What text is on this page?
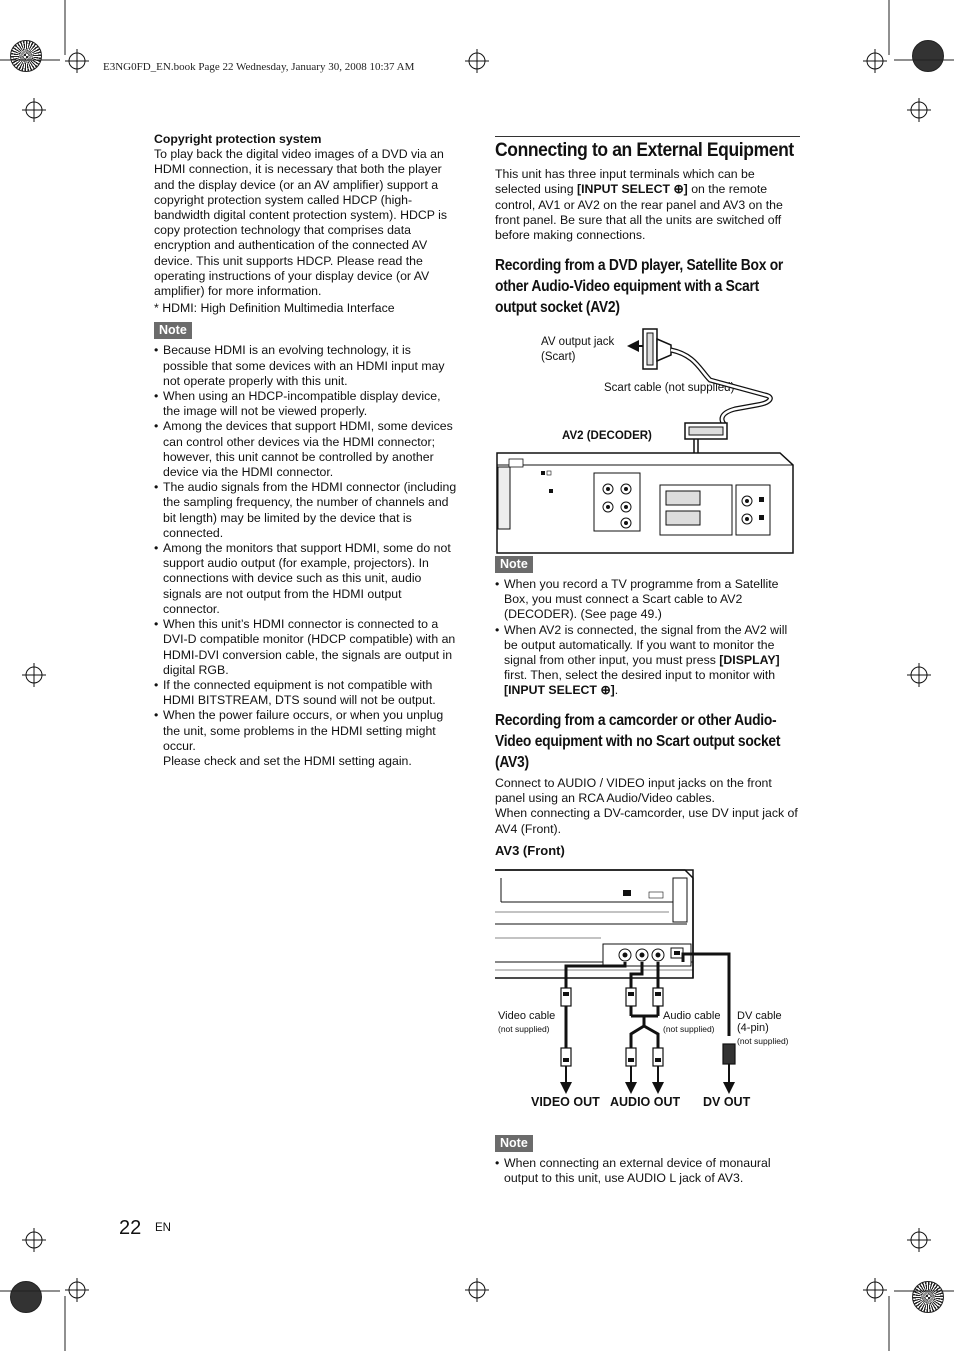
E3NG0FD_EN.book Page 22 Wednesday, January 30, 2008 10:37 AM

Copyright protection system

To play back the digital video images of a DVD via an HDMI connection, it is necessary that both the player and the display device (or an AV amplifier) support a copyright protection system called HDCP (high-bandwidth digital content protection system). HDCP is copy protection technology that comprises data encryption and authentication of the connected AV device. This unit supports HDCP. Please read the operating instructions of your display device (or AV amplifier) for more information.

* HDMI: High Definition Multimedia Interface

Note
• Because HDMI is an evolving technology, it is possible that some devices with an HDMI input may not operate properly with this unit.
• When using an HDCP-incompatible display device, the image will not be viewed properly.
• Among the devices that support HDMI, some devices can control other devices via the HDMI connector; however, this unit cannot be controlled by another device via the HDMI connector.
• The audio signals from the HDMI connector (including the sampling frequency, the number of channels and bit length) may be limited by the device that is connected.
• Among the monitors that support HDMI, some do not support audio output (for example, projectors). In connections with device such as this unit, audio signals are not output from the HDMI output connector.
• When this unit’s HDMI connector is connected to a DVI-D compatible monitor (HDCP compatible) with an HDMI-DVI conversion cable, the signals are output in digital RGB.
• If the connected equipment is not compatible with HDMI BITSTREAM, DTS sound will not be output.
• When the power failure occurs, or when you unplug the unit, some problems in the HDMI setting might occur.
Please check and set the HDMI setting again.
Connecting to an External Equipment

This unit has three input terminals which can be selected using [INPUT SELECT ⊕] on the remote control, AV1 or AV2 on the rear panel and AV3 on the front panel. Be sure that all the units are switched off before making connections.

Recording from a DVD player, Satellite Box or other Audio-Video equipment with a Scart output socket (AV2)
AV output jack
(Scart)
Scart cable (not supplied)
AV2 (DECODER)
Note
• When you record a TV programme from a Satellite Box, you must connect a Scart cable to AV2 (DECODER). (See page 49.)
• When AV2 is connected, the signal from the AV2 will be output automatically. If you want to monitor the signal from other input, you must press [DISPLAY] first. Then, select the desired input to monitor with [INPUT SELECT ⊕].
Recording from a camcorder or other Audio-Video equipment with no Scart output socket (AV3)

Connect to AUDIO / VIDEO input jacks on the front panel using an RCA Audio/Video cables.
When connecting a DV-camcorder, use DV input jack of AV4 (Front).

AV3 (Front)

Video cable
(not supplied)
Audio cable
(not supplied)
DV cable
(4-pin)
(not supplied)
VIDEO OUT AUDIO OUT DV OUT
Note
• When connecting an external device of monaural output to this unit, use AUDIO L jack of AV3.
22 EN
